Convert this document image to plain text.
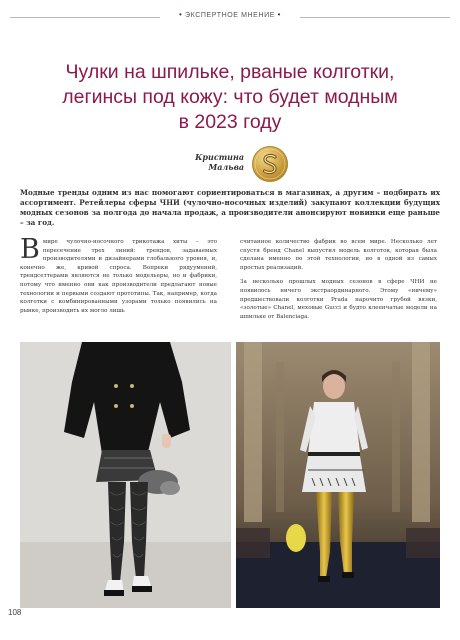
• ЭКСПЕРТНОЕ МНЕНИЕ •
Чулки на шпильке, рваные колготки,
легинсы под кожу: что будет модным
в 2023 году
Кристина
Мальва
Модные тренды одним из нас помогают сориентироваться в магазинах, а другим – подбирать их ассортимент. Ретейлеры сферы ЧНИ (чулочно-носочных изделий) закупают коллекции будущих модных сезонов за полгода до начала продаж, а производители анонсируют новинки еще раньше – за год.
В мире чулочно-носочного трикотажа хиты – это пересечение трех линий: трендов, задаваемых производителями и дизайнерами глобального уровня, и, конечно же, кривой спроса. Вопреки рядуумений, трендсеттерами являются не только модельеры, но и фабрики, потому что именно они как производители предлагают новые технологии и первыми создают прототипы. Так, например, когда колготки с комбинированными узорами только появились на рынке, производить их могло лишь

считанное количество фабрик во всем мире. Несколько лет спустя бренд Chanel выпустил модель колготок, которая была сделана именно по этой технологии, но в одной из самых простых реализаций.

За несколько прошлых модных сезонов в сфере ЧНИ не появилось ничего экстраординарного. Этому «ничему» предшествовали колготки Prada нарочито грубой вязки, «золотые» Chanel, меховые Gucci и будто клеенчатые модели на шпильке от Balenciaga.

108
